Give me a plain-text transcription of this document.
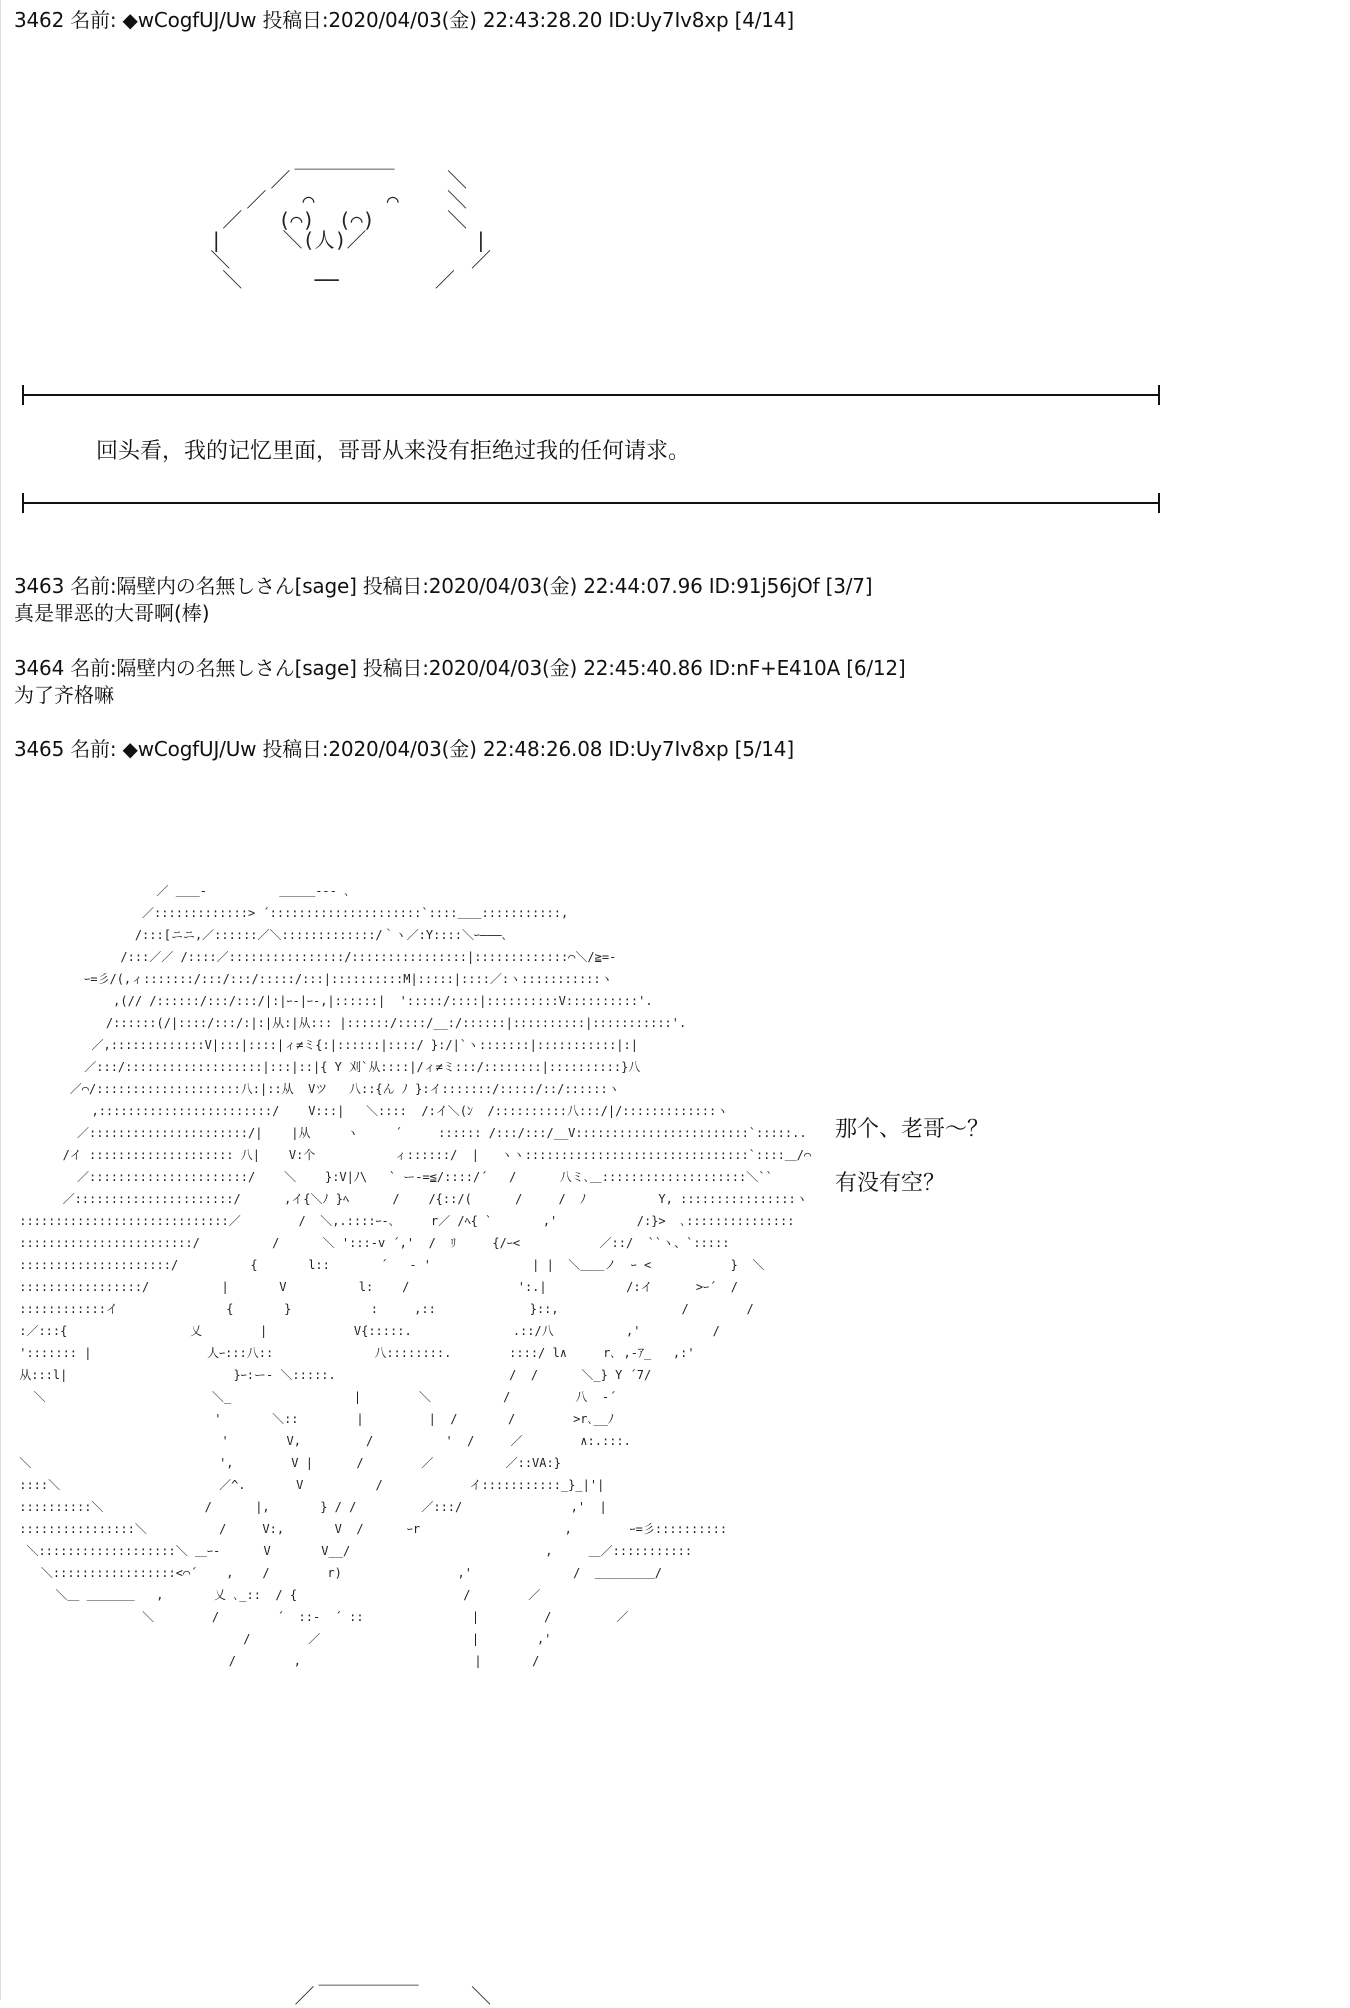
3462 名前: ◆wCogfUJ/Uw 投稿日:2020/04/03(金) 22:43:28.20 ID:Uy7Iv8xp [4/14]
＿＿＿＿＿
／             ＼
／   ⌒      ⌒    ＼
／   (⌒)  (⌒)      ＼
|     ＼(人)／         |
＼                    ／
＼      ──        ／
回头看，我的记忆里面，哥哥从来没有拒绝过我的任何请求。
3463 名前:隔壁内の名無しさん[sage] 投稿日:2020/04/03(金) 22:44:07.96 ID:91j56jOf [3/7]
真是罪恶的大哥啊(棒)
3464 名前:隔壁内の名無しさん[sage] 投稿日:2020/04/03(金) 22:45:40.86 ID:nF+E410A [6/12]
为了齐格嘛
3465 名前: ◆wCogfUJ/Uw 投稿日:2020/04/03(金) 22:48:26.08 ID:Uy7Iv8xp [5/14]
／ ＿＿-          ＿＿＿--- ､
／:::::::::::::> ´:::::::::::::::::::::`::::＿＿:::::::::::,
/:::[ニニ,／::::::／＼:::::::::::::/｀ヽ／:Y::::＼ｰ―――､
/:::／／ /::::／::::::::::::::::/::::::::::::::::|:::::::::::::⌒＼/≧=-
ｰ=彡/(,ィ:::::::/:::/:::/:::::/:::|::::::::::M|:::::|::::／:ヽ:::::::::::ヽ
,(// /::::::/:::/:::/|:|ｰ-|ｰ-,|::::::|  ':::::/::::|::::::::::V::::::::::'.
/::::::(/|::::/:::/:|:|从:|从::: |::::::/::::/__:/::::::|::::::::::|:::::::::::'.
／,:::::::::::::V|:::|::::|ィ≠ミ{:|::::::|::::/ }:/|`ヽ:::::::|:::::::::::|:|
／:::/:::::::::::::::::::|:::|::|{ Y 刈`从::::|/ィ≠ミ:::/::::::::|::::::::::}八
／⌒/::::::::::::::::::::八:|::从  Vツ   八::{ん ﾉ }:イ:::::::/:::::/::/::::::ヽ
,::::::::::::::::::::::::/    V:::|   ＼::::  /:イ＼(ﾝ  /::::::::::八:::/|/:::::::::::::ヽ
／::::::::::::::::::::::/|    |从     ヽ     ´     :::::: /:::/:::/__V::::::::::::::::::::::::`:::::..
/イ :::::::::::::::::::: 八|    V:个           ィ::::::/  |   ヽヽ:::::::::::::::::::::::::::::::`::::＿/⌒
／::::::::::::::::::::::/    ＼    }:V|ﾉ\   ` ー-=≦/::::/´   /      八ミ､＿::::::::::::::::::::＼``
／::::::::::::::::::::::/      ,イ{＼ﾉ }ﾍ      /    /{::/(      /     /  ﾉ          Y, ::::::::::::::::ヽ
:::::::::::::::::::::::::::::／        /  ＼,.::::ｰ-､     r／ /ﾍ{ `       ,'           /:}>  ､:::::::::::::::
::::::::::::::::::::::::/          /      ＼ ':::-v ´,'  /  ﾘ     {/ｰ<           ／::/  ``ヽ、`:::::
:::::::::::::::::::::/          {       l::       ´   ‐ '              | |  ＼＿＿ノ  ｰ <           }  ＼
:::::::::::::::::/          |       V          l:    /               ':.|           /:イ      >ｰ´  /
::::::::::::イ               {       }           :     ,::             }::,                 /        /
:／:::{                 乂        |            V{:::::.              .::/八          ,'          /
'::::::: |                人ｰ:::八::              八::::::::.        ::::/ l∧     r､ ,-ｱ_   ,:'
从:::l|                       }ｰ:ー‐ ＼:::::.                        /  /      ＼_} Y ´7/
＼                       ＼_                 |        ＼          /         八  -´
'       ＼::        |         |  /       /        >r､__ﾉ
'        V,         /          '  /     ／        ∧:.:::.
＼                          ',        V |      /        ／          ／::VA:}
::::＼                      ／^.       V          /            イ:::::::::::_}_|'|
::::::::::＼              /      |,       } / /         ／:::/               ,'  |
::::::::::::::::＼          /     V:,       V  /      ｰr                    ,        ｰ=彡::::::::::
＼:::::::::::::::::::＼ ＿ｰ-      V       V__/                           ,     ＿／:::::::::::
＼:::::::::::::::::<⌒´    ,    /        r)                ,'              /  ＿＿＿＿＿/
＼＿ ＿＿＿＿   ,       乂 ､_::  / {                       /        ／
＼        /        ´  ::-  ´ ::               |         /         ／
/        ／                     |        ,'
/        ,                        |       /
那个、老哥～？
有没有空？
＿＿＿＿＿
／             ＼
